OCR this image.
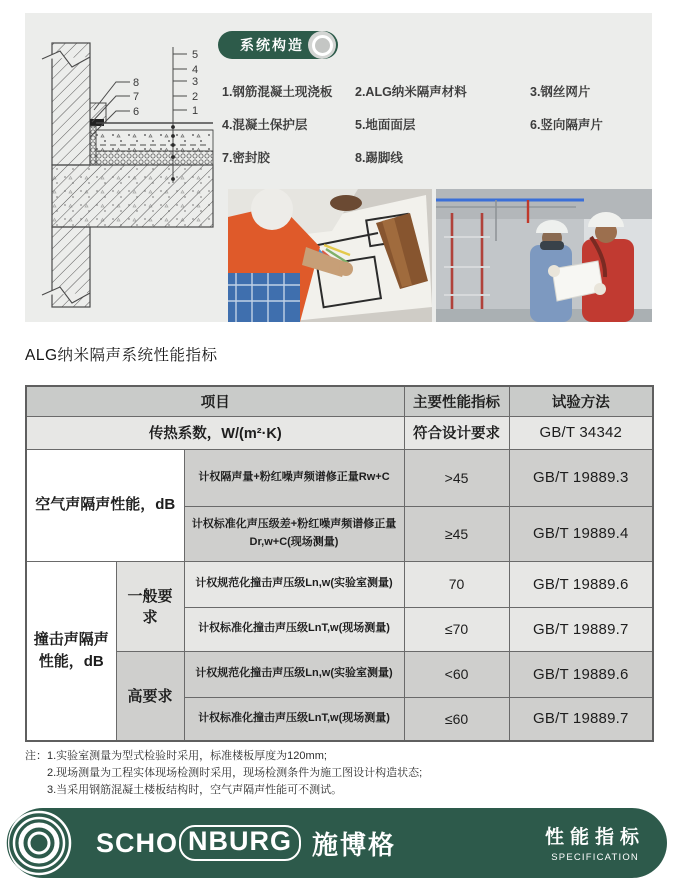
5
4
3
2
1
8
7
6
系统构造
1.钢筋混凝土现浇板 2.ALG纳米隔声材料	3.钢丝网片
4.混凝土保护层	5.地面面层	6.竖向隔声片
7.密封胶	8.踢脚线
ALG纳米隔声系统性能指标
项目			主要性能指标	试验方法
传热系数，W/(m²·K)			符合设计要求	GB/T 34342
空气声隔声性能，dB		计权隔声量+粉红噪声频谱修正量Rw+C	>45	GB/T 19889.3
		计权标准化声压级差+粉红噪声频谱修正量Dr,w+C(现场测量)	≥45	GB/T 19889.4
撞击声隔声性能，dB	一般要求	计权规范化撞击声压级Ln,w(实验室测量)	70	GB/T 19889.6
		计权标准化撞击声压级LnT,w(现场测量)	≤70	GB/T 19889.7
	高要求	计权规范化撞击声压级Ln,w(实验室测量)	<60	GB/T 19889.6
		计权标准化撞击声压级LnT,w(现场测量)	≤60	GB/T 19889.7
注： 1.实验室测量为型式检验时采用，标准楼板厚度为120mm;
2.现场测量为工程实体现场检测时采用，现场检测条件为施工图设计构造状态;
3.当采用钢筋混凝土楼板结构时，空气声隔声性能可不测试。
SCH O NBURG 施博格	性能指标
SPECIFICATION
